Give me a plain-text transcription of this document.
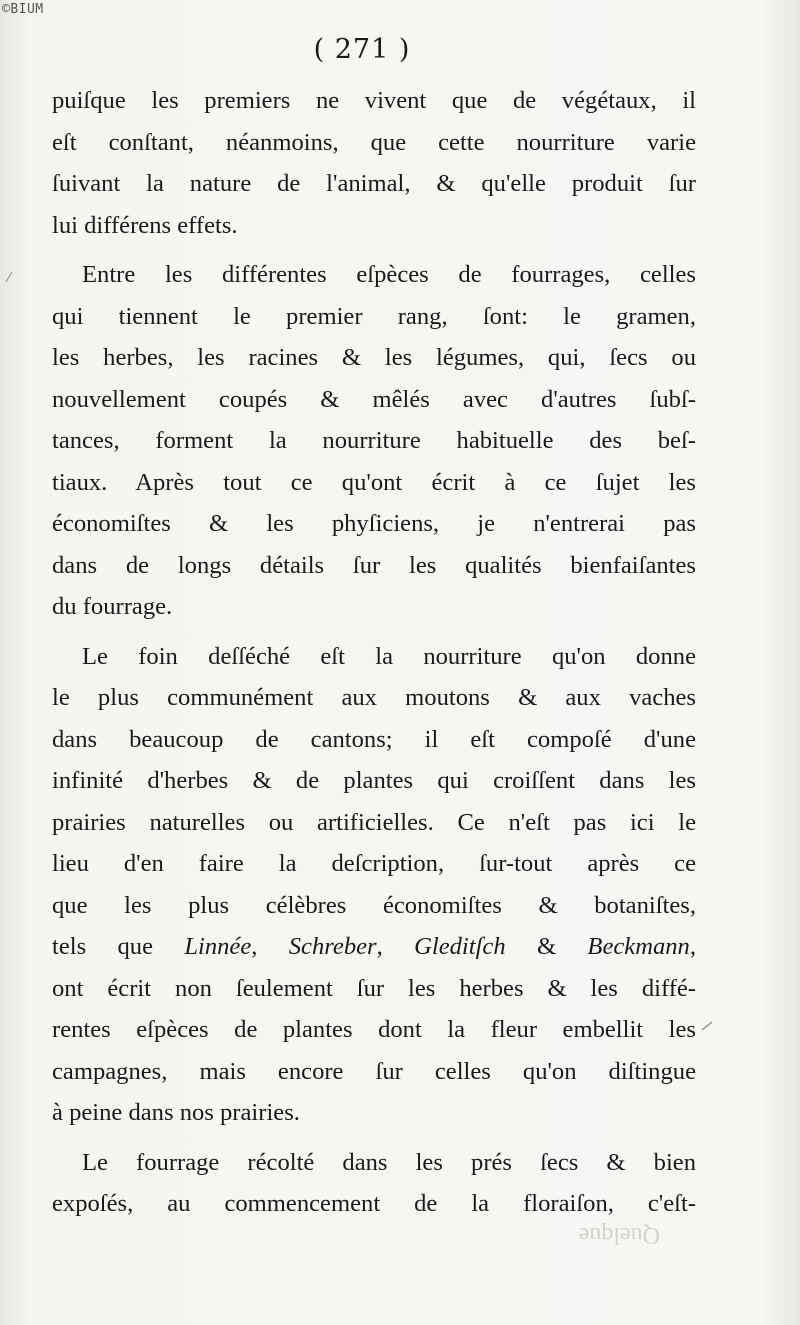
©BIUM
( 271 )

puiſque les premiers ne vivent que de végétaux, il
eſt conſtant, néanmoins, que cette nourriture varie
ſuivant la nature de l'animal, & qu'elle produit ſur
lui différens effets.

Entre les différentes eſpèces de fourrages, celles
qui tiennent le premier rang, ſont: le gramen,
les herbes, les racines & les légumes, qui, ſecs ou
nouvellement coupés & mêlés avec d'autres ſubſ-
tances, forment la nourriture habituelle des beſ-
tiaux. Après tout ce qu'ont écrit à ce ſujet les
économiſtes & les phyſiciens, je n'entrerai pas
dans de longs détails ſur les qualités bienfaiſantes
du fourrage.

Le foin deſſéché eſt la nourriture qu'on donne
le plus communément aux moutons & aux vaches
dans beaucoup de cantons; il eſt compoſé d'une
infinité d'herbes & de plantes qui croiſſent dans les
prairies naturelles ou artificielles. Ce n'eſt pas ici le
lieu d'en faire la deſcription, ſur-tout après ce
que les plus célèbres économiſtes & botaniſtes,
tels que Linnée, Schreber, Gleditſch & Beckmann,
ont écrit non ſeulement ſur les herbes & les diffé-
rentes eſpèces de plantes dont la fleur embellit les
campagnes, mais encore ſur celles qu'on diſtingue
à peine dans nos prairies.

Le fourrage récolté dans les prés ſecs & bien
expoſés, au commencement de la floraiſon, c'eſt-

Quelque
